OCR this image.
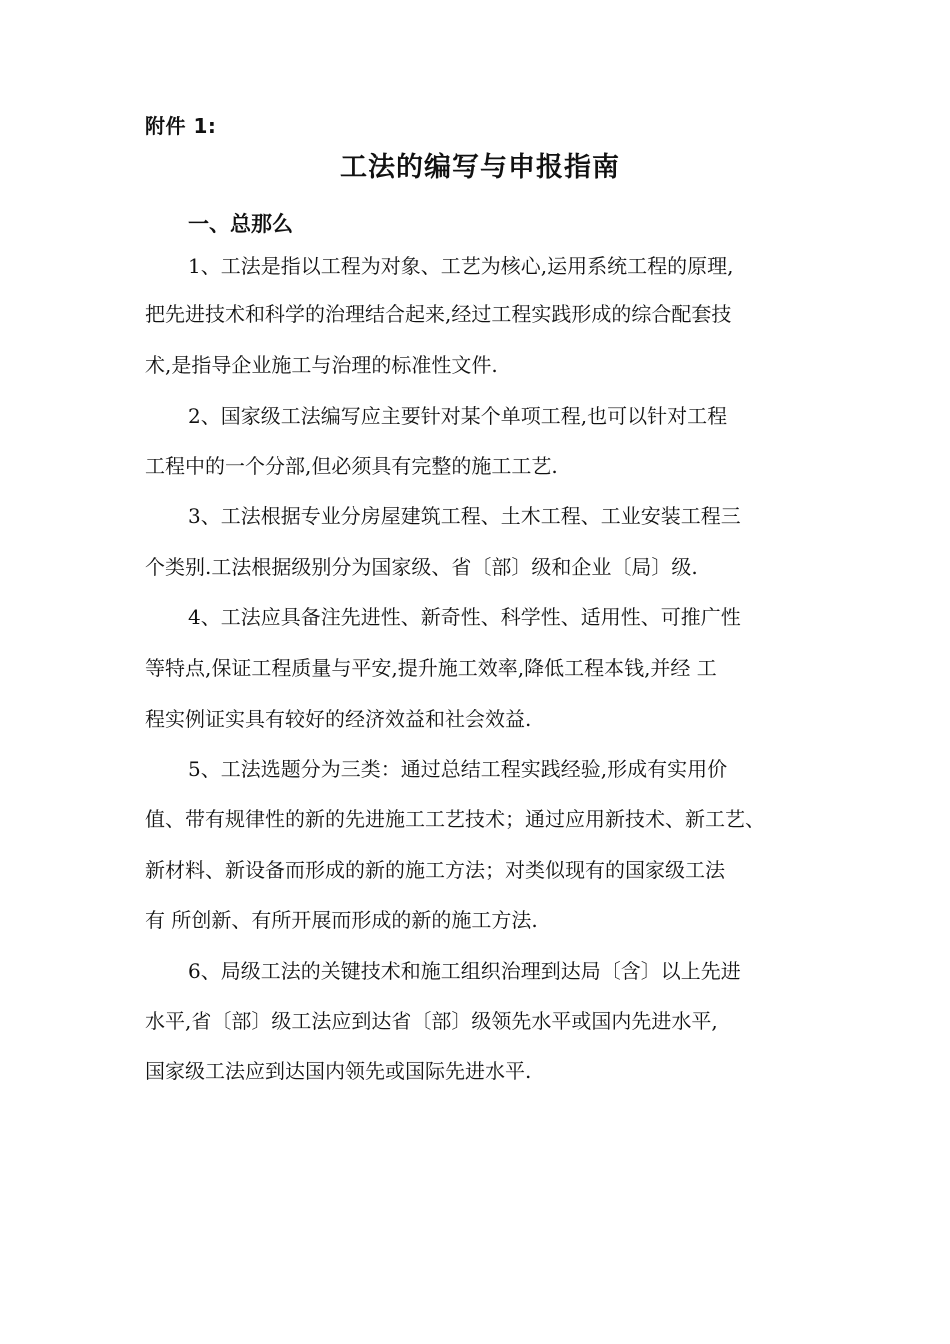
附件 1:
工法的编写与申报指南
一、总那么
1、工法是指以工程为对象、工艺为核心,运用系统工程的原理,
把先进技术和科学的治理结合起来,经过工程实践形成的综合配套技
术,是指导企业施工与治理的标准性文件.
2、国家级工法编写应主要针对某个单项工程,也可以针对工程
工程中的一个分部,但必须具有完整的施工工艺.
3、工法根据专业分房屋建筑工程、土木工程、工业安装工程三
个类别.工法根据级别分为国家级、省〔部〕级和企业〔局〕级.
4、工法应具备注先进性、新奇性、科学性、适用性、可推广性
等特点,保证工程质量与平安,提升施工效率,降低工程本钱,并经 工
程实例证实具有较好的经济效益和社会效益.
5、工法选题分为三类：通过总结工程实践经验,形成有实用价
值、带有规律性的新的先进施工工艺技术；通过应用新技术、新工艺、
新材料、新设备而形成的新的施工方法；对类似现有的国家级工法
有 所创新、有所开展而形成的新的施工方法.
6、局级工法的关键技术和施工组织治理到达局〔含〕以上先进
水平,省〔部〕级工法应到达省〔部〕级领先水平或国内先进水平,
国家级工法应到达国内领先或国际先进水平.
